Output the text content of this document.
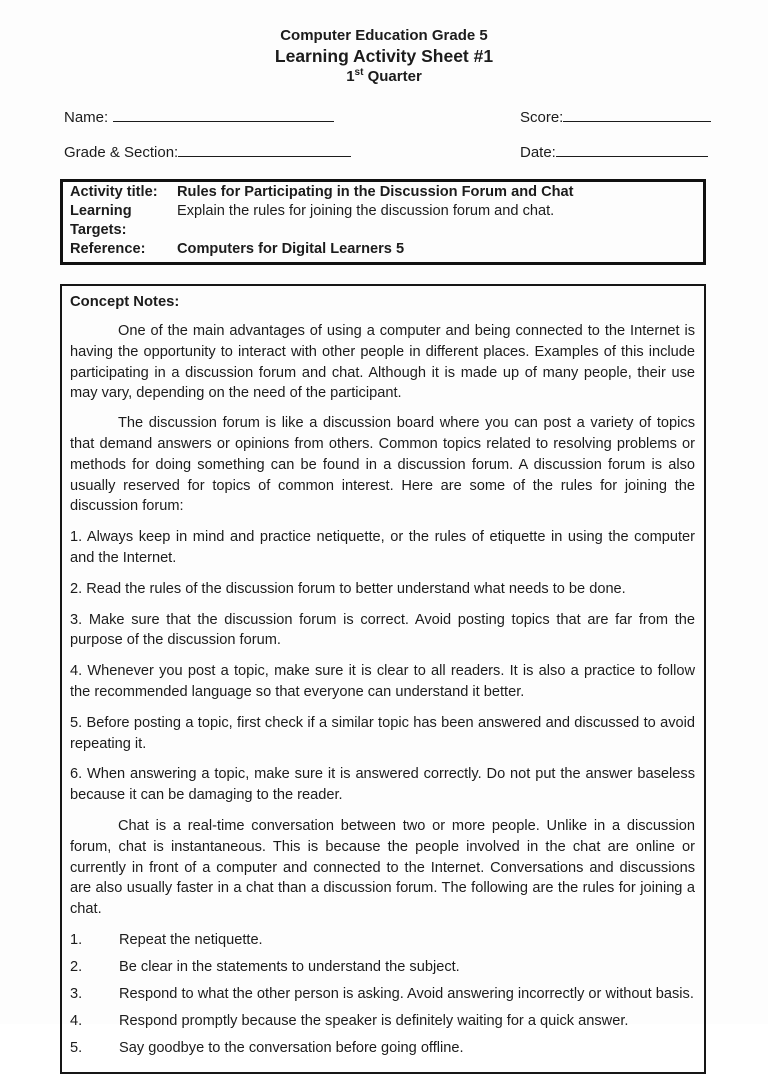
Computer Education Grade 5
Learning Activity Sheet #1
1st Quarter
Name:	Score:
Grade & Section:	Date:
Activity title:	Rules for Participating in the Discussion Forum and Chat
Learning Targets:
Explain the rules for joining the discussion forum and chat.
Reference:	Computers for Digital Learners 5
Concept Notes:

One of the main advantages of using a computer and being connected to the Internet is having the opportunity to interact with other people in different places. Examples of this include participating in a discussion forum and chat. Although it is made up of many people, their use may vary, depending on the need of the participant.

The discussion forum is like a discussion board where you can post a variety of topics that demand answers or opinions from others. Common topics related to resolving problems or methods for doing something can be found in a discussion forum. A discussion forum is also usually reserved for topics of common interest. Here are some of the rules for joining the discussion forum:

1. Always keep in mind and practice netiquette, or the rules of etiquette in using the computer and the Internet.

2. Read the rules of the discussion forum to better understand what needs to be done.

3. Make sure that the discussion forum is correct. Avoid posting topics that are far from the purpose of the discussion forum.

4. Whenever you post a topic, make sure it is clear to all readers. It is also a practice to follow the recommended language so that everyone can understand it better.

5. Before posting a topic, first check if a similar topic has been answered and discussed to avoid repeating it.

6. When answering a topic, make sure it is answered correctly. Do not put the answer baseless because it can be damaging to the reader.

Chat is a real-time conversation between two or more people. Unlike in a discussion forum, chat is instantaneous. This is because the people involved in the chat are online or currently in front of a computer and connected to the Internet. Conversations and discussions are also usually faster in a chat than a discussion forum. The following are the rules for joining a chat.

1.	Repeat the netiquette.
2.	Be clear in the statements to understand the subject.
3.	Respond to what the other person is asking. Avoid answering incorrectly or without basis.
4.	Respond promptly because the speaker is definitely waiting for a quick answer.
5.	Say goodbye to the conversation before going offline.
